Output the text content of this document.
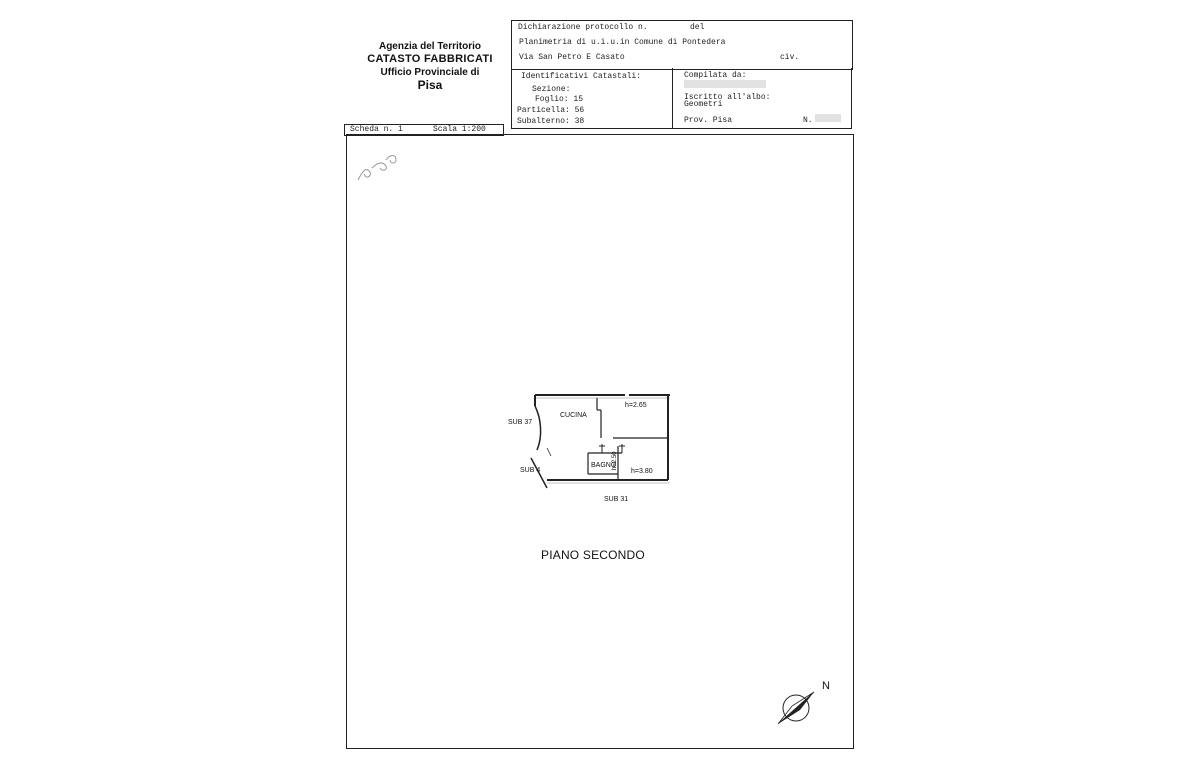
Agenzia del Territorio
CATASTO FABBRICATI
Ufficio Provinciale di
Pisa
Dichiarazione protocollo n.	del
Planimetria di u.i.u.in Comune di Pontedera
Via San Petro E Casato	civ.
Identificativi Catastali:
Sezione:
Foglio: 15
Particella: 56
Subalterno: 38
Compilata da:
Iscritto all'albo:
Geometri
Prov. Pisa	N.
Scheda n. 1	Scala 1:200
CUCINA
h=2.65
BAGNO
h=3.80
h=2.50
SUB 37
SUB 4
SUB 31
PIANO SECONDO
N
